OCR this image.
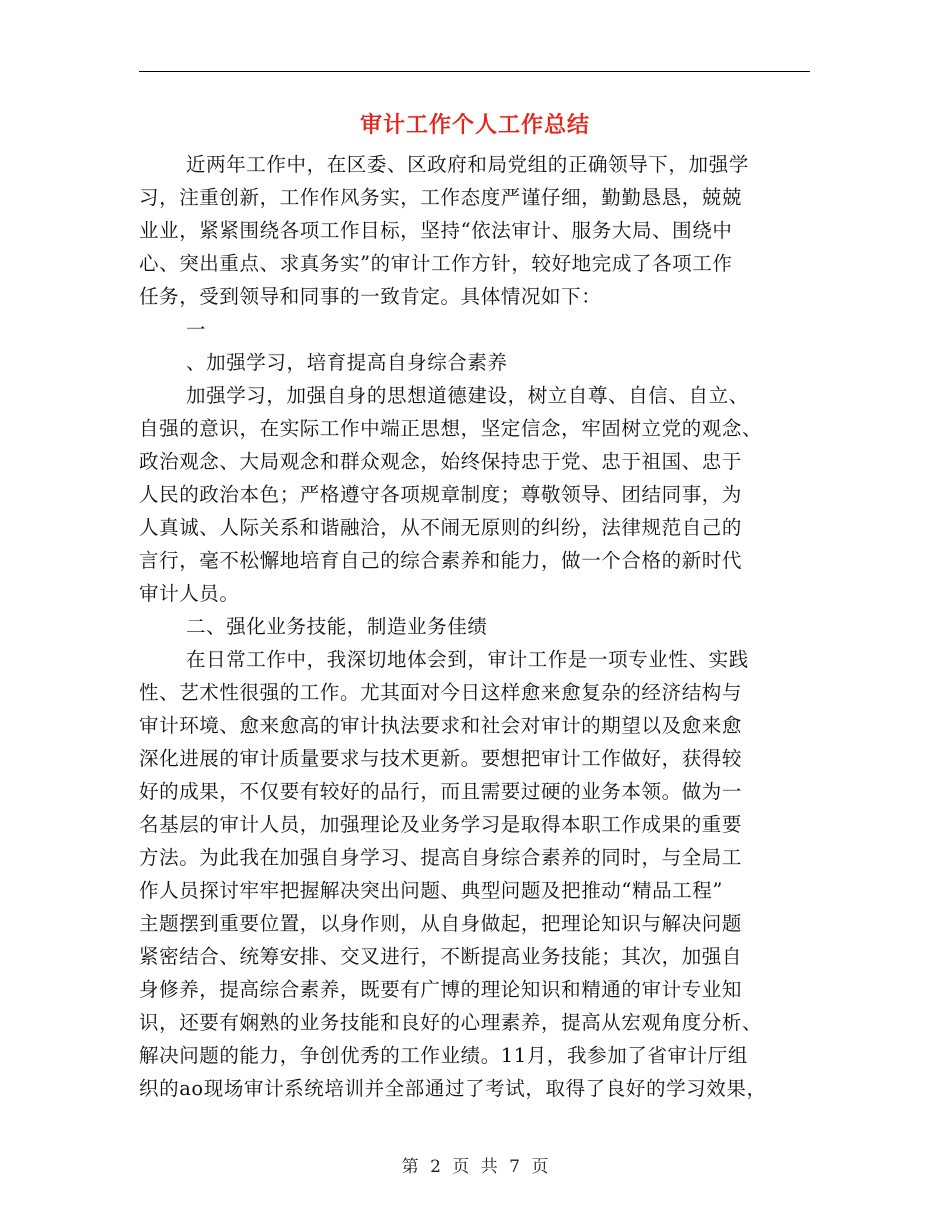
审计工作个人工作总结
近两年工作中，在区委、区政府和局党组的正确领导下，加强学
习，注重创新，工作作风务实，工作态度严谨仔细，勤勤恳恳，兢兢
业业，紧紧围绕各项工作目标，坚持“依法审计、服务大局、围绕中
心、突出重点、求真务实”的审计工作方针，较好地完成了各项工作
任务，受到领导和同事的一致肯定。具体情况如下：
一
、加强学习，培育提高自身综合素养
加强学习，加强自身的思想道德建设，树立自尊、自信、自立、
自强的意识，在实际工作中端正思想，坚定信念，牢固树立党的观念、
政治观念、大局观念和群众观念，始终保持忠于党、忠于祖国、忠于
人民的政治本色；严格遵守各项规章制度；尊敬领导、团结同事，为
人真诚、人际关系和谐融洽，从不闹无原则的纠纷，法律规范自己的
言行，毫不松懈地培育自己的综合素养和能力，做一个合格的新时代
审计人员。
二、强化业务技能，制造业务佳绩
在日常工作中，我深切地体会到，审计工作是一项专业性、实践
性、艺术性很强的工作。尤其面对今日这样愈来愈复杂的经济结构与
审计环境、愈来愈高的审计执法要求和社会对审计的期望以及愈来愈
深化进展的审计质量要求与技术更新。要想把审计工作做好，获得较
好的成果，不仅要有较好的品行，而且需要过硬的业务本领。做为一
名基层的审计人员，加强理论及业务学习是取得本职工作成果的重要
方法。为此我在加强自身学习、提高自身综合素养的同时，与全局工
作人员探讨牢牢把握解决突出问题、典型问题及把推动“精品工程”
主题摆到重要位置，以身作则，从自身做起，把理论知识与解决问题
紧密结合、统筹安排、交叉进行，不断提高业务技能；其次，加强自
身修养，提高综合素养，既要有广博的理论知识和精通的审计专业知
识，还要有娴熟的业务技能和良好的心理素养，提高从宏观角度分析、
解决问题的能力，争创优秀的工作业绩。11月，我参加了省审计厅组
织的ao现场审计系统培训并全部通过了考试，取得了良好的学习效果，
第 2 页 共 7 页
